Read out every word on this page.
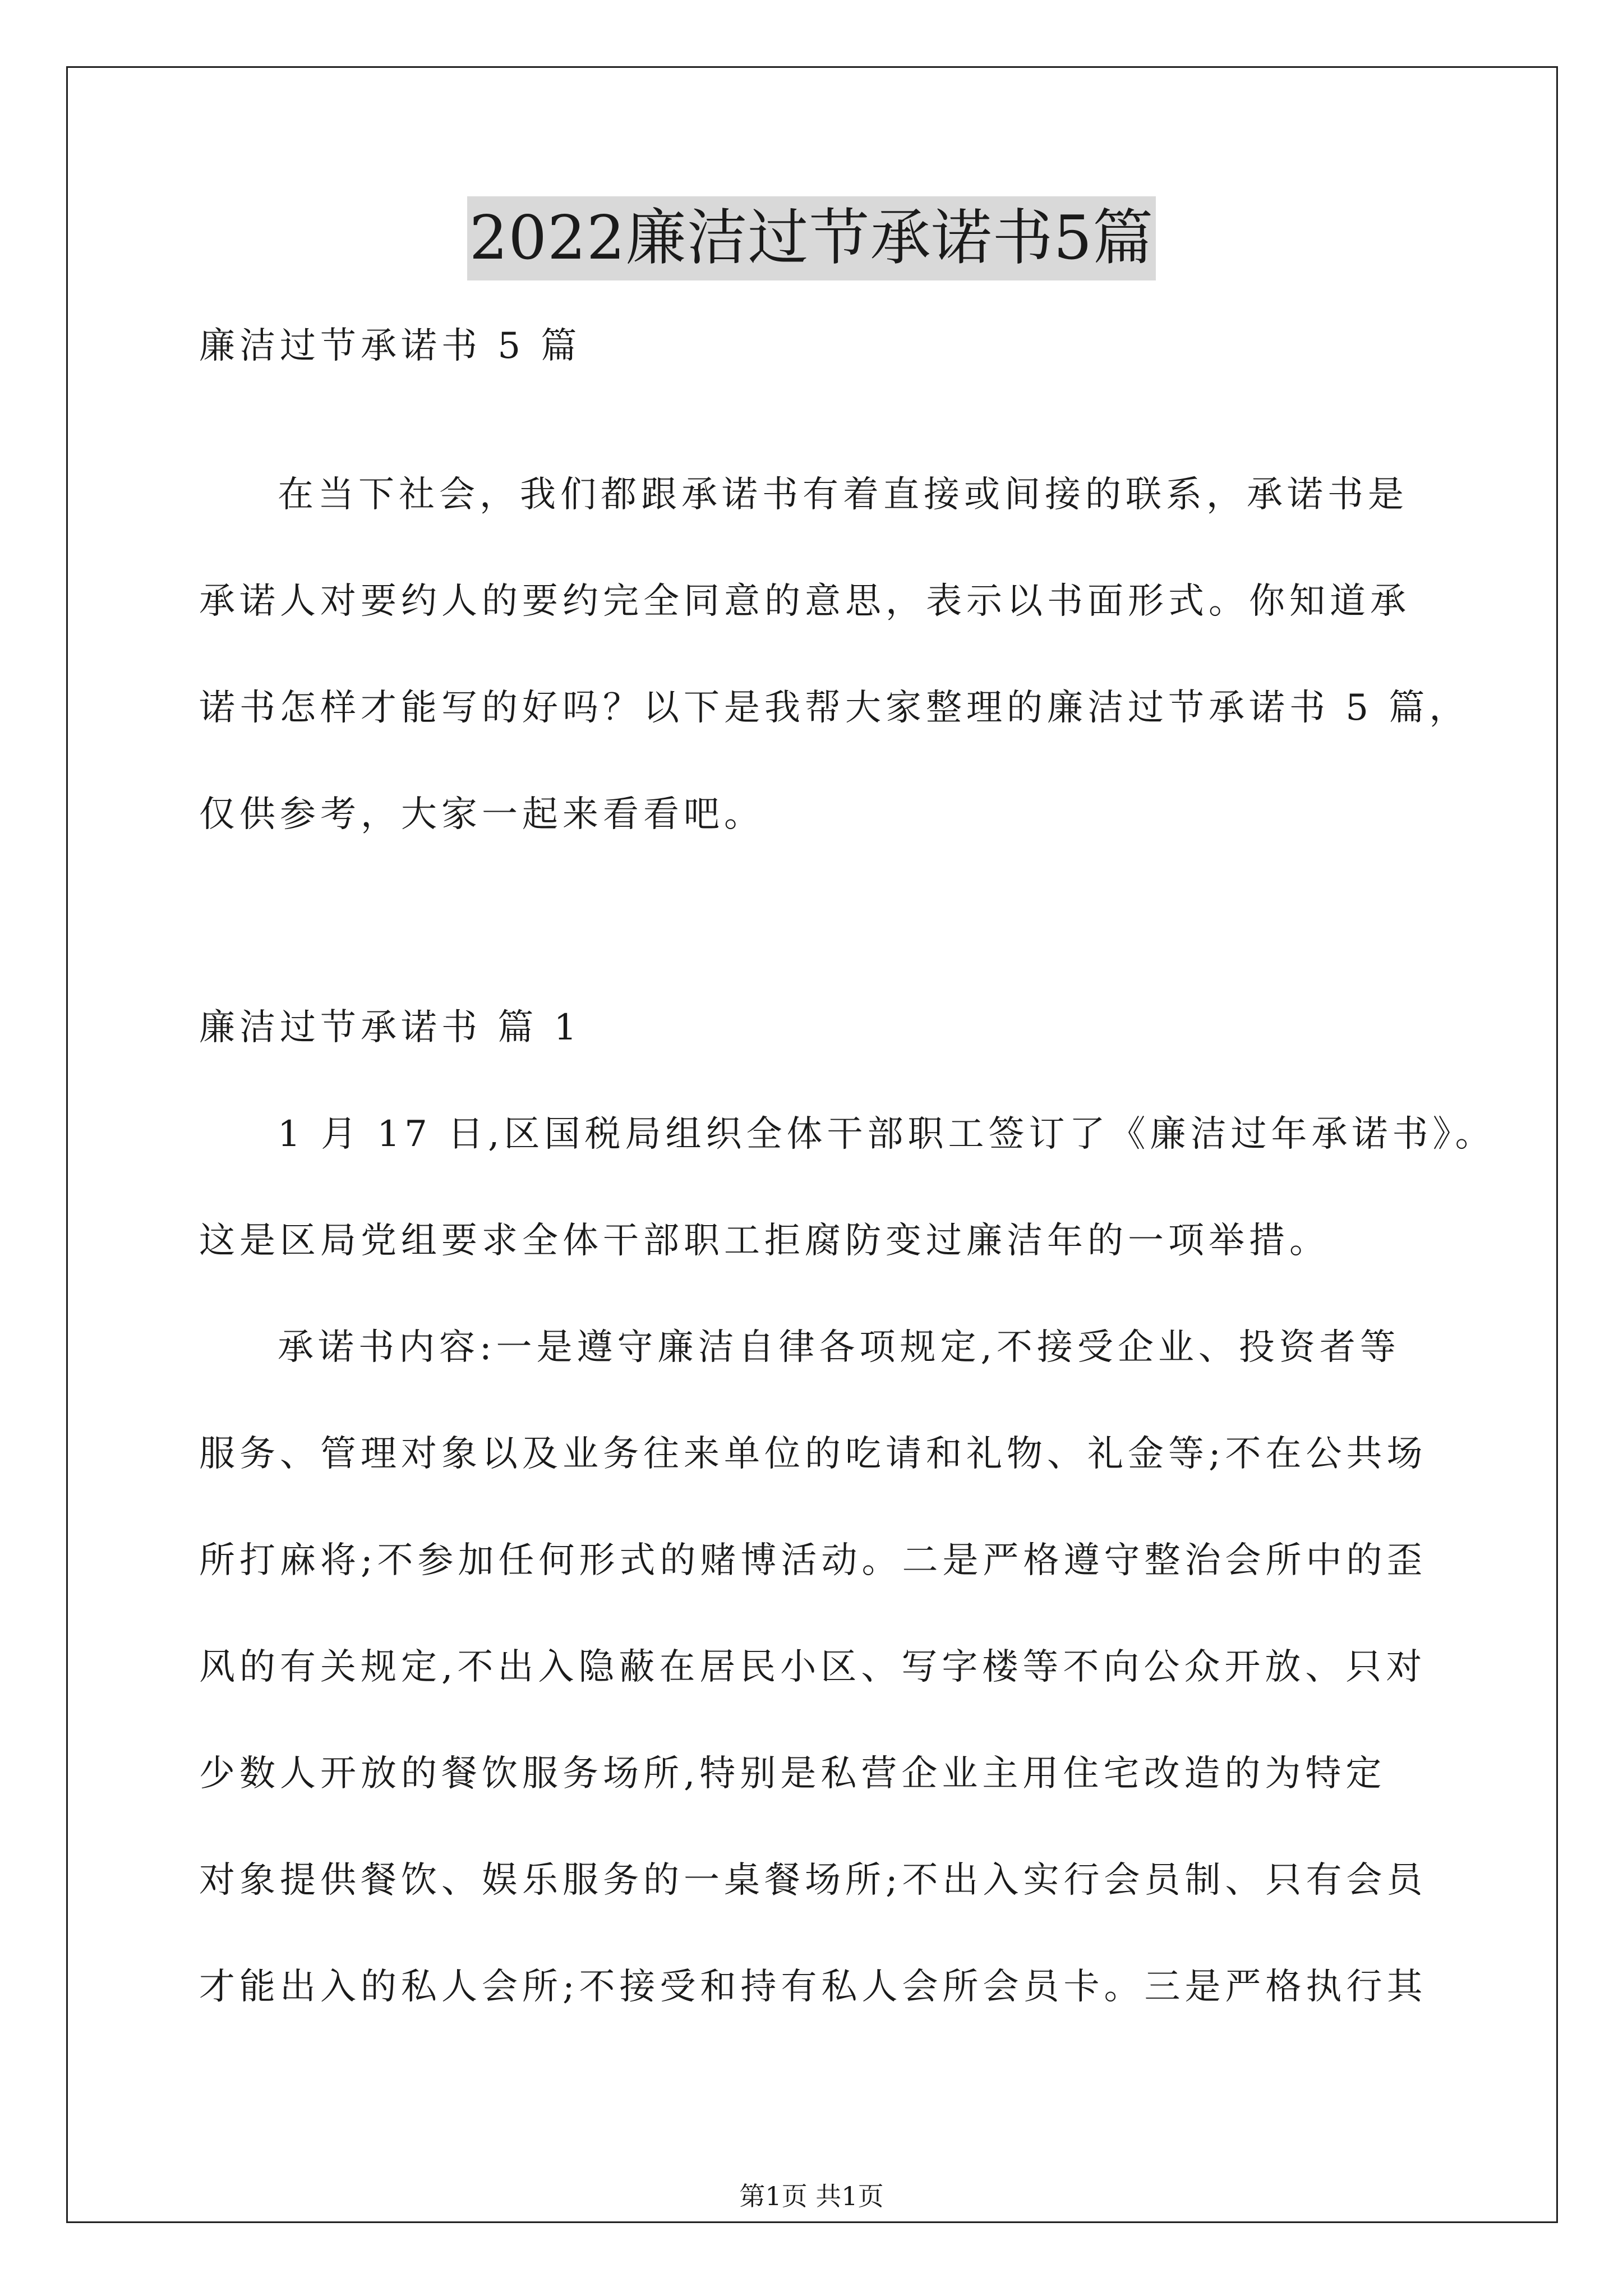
2022廉洁过节承诺书5篇
廉洁过节承诺书 5 篇
在当下社会，我们都跟承诺书有着直接或间接的联系，承诺书是
承诺人对要约人的要约完全同意的意思，表示以书面形式。你知道承
诺书怎样才能写的好吗？以下是我帮大家整理的廉洁过节承诺书 5 篇，
仅供参考，大家一起来看看吧。
廉洁过节承诺书 篇 1
1 月 17 日,区国税局组织全体干部职工签订了《廉洁过年承诺书》。
这是区局党组要求全体干部职工拒腐防变过廉洁年的一项举措。
承诺书内容:一是遵守廉洁自律各项规定,不接受企业、投资者等
服务、管理对象以及业务往来单位的吃请和礼物、礼金等;不在公共场
所打麻将;不参加任何形式的赌博活动。二是严格遵守整治会所中的歪
风的有关规定,不出入隐蔽在居民小区、写字楼等不向公众开放、只对
少数人开放的餐饮服务场所,特别是私营企业主用住宅改造的为特定
对象提供餐饮、娱乐服务的一桌餐场所;不出入实行会员制、只有会员
才能出入的私人会所;不接受和持有私人会所会员卡。三是严格执行其
第1页 共1页
